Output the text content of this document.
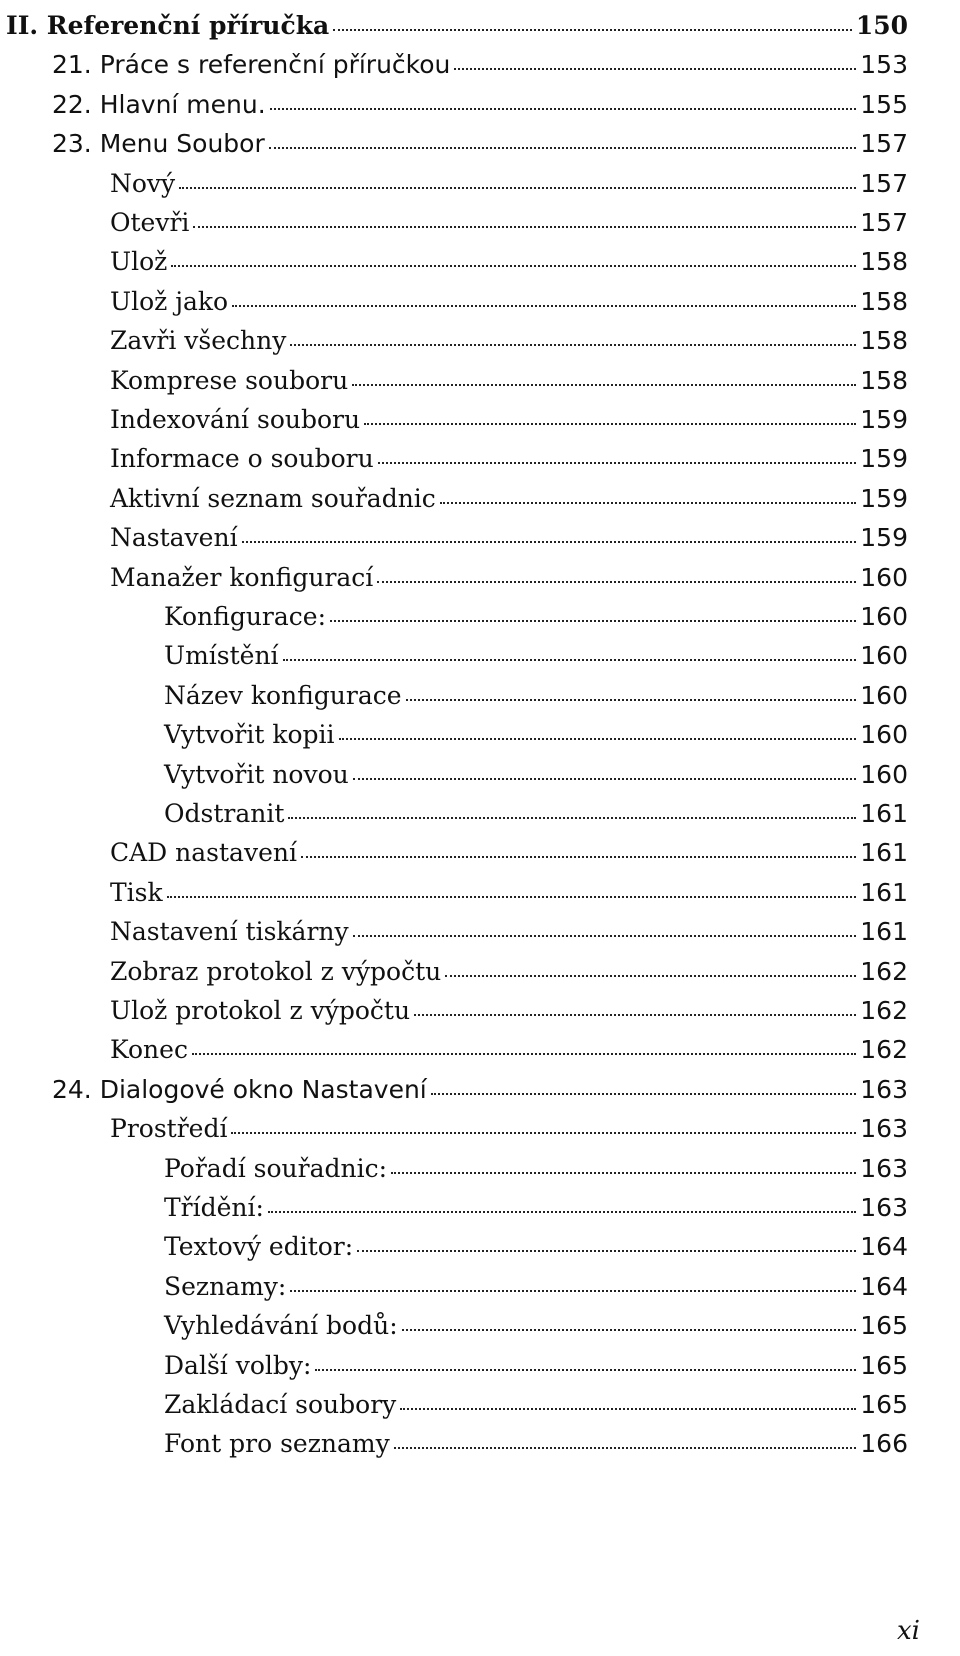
II. Referenční příručka	150
21. Práce s referenční příručkou	153
22. Hlavní menu.	155
23. Menu Soubor	157
Nový	157
Otevři	157
Ulož	158
Ulož jako	158
Zavři všechny	158
Komprese souboru	158
Indexování souboru	159
Informace o souboru	159
Aktivní seznam souřadnic	159
Nastavení	159
Manažer konfigurací	160
Konfigurace:	160
Umístění	160
Název konfigurace	160
Vytvořit kopii	160
Vytvořit novou	160
Odstranit	161
CAD nastavení	161
Tisk	161
Nastavení tiskárny	161
Zobraz protokol z výpočtu	162
Ulož protokol z výpočtu	162
Konec	162
24. Dialogové okno Nastavení	163
Prostředí	163
Pořadí souřadnic:	163
Třídění:	163
Textový editor:	164
Seznamy:	164
Vyhledávání bodů:	165
Další volby:	165
Zakládací soubory	165
Font pro seznamy	166
xi
